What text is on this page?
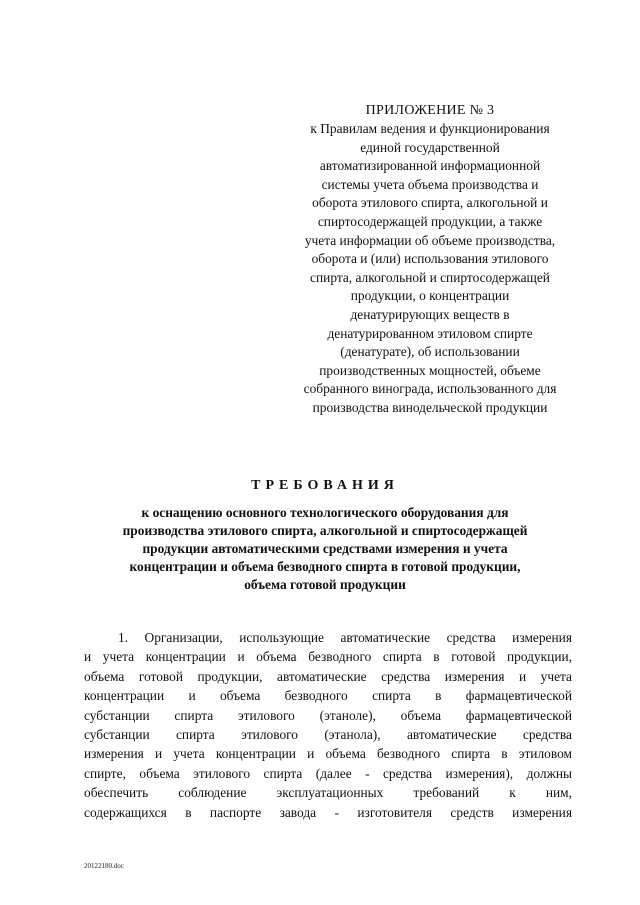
ПРИЛОЖЕНИЕ № 3
к Правилам ведения и функционирования
единой государственной
автоматизированной информационной
системы учета объема производства и
оборота этилового спирта, алкогольной и
спиртосодержащей продукции, а также
учета информации об объеме производства,
оборота и (или) использования этилового
спирта, алкогольной и спиртосодержащей
продукции, о концентрации
денатурирующих веществ в
денатурированном этиловом спирте
(денатурате), об использовании
производственных мощностей, объеме
собранного винограда, использованного для
производства винодельческой продукции
ТРЕБОВАНИЯ
к оснащению основного технологического оборудования для
производства этилового спирта, алкогольной и спиртосодержащей
продукции автоматическими средствами измерения и учета
концентрации и объема безводного спирта в готовой продукции,
объема готовой продукции
1. Организации, использующие автоматические средства измерения
и учета концентрации и объема безводного спирта в готовой продукции,
объема готовой продукции, автоматические средства измерения и учета
концентрации и объема безводного спирта в фармацевтической
субстанции спирта этилового (этаноле), объема фармацевтической
субстанции спирта этилового (этанола), автоматические средства
измерения и учета концентрации и объема безводного спирта в этиловом
спирте, объема этилового спирта (далее - средства измерения), должны
обеспечить соблюдение эксплуатационных требований к ним,
содержащихся в паспорте завода - изготовителя средств измерения
20122180.doc
